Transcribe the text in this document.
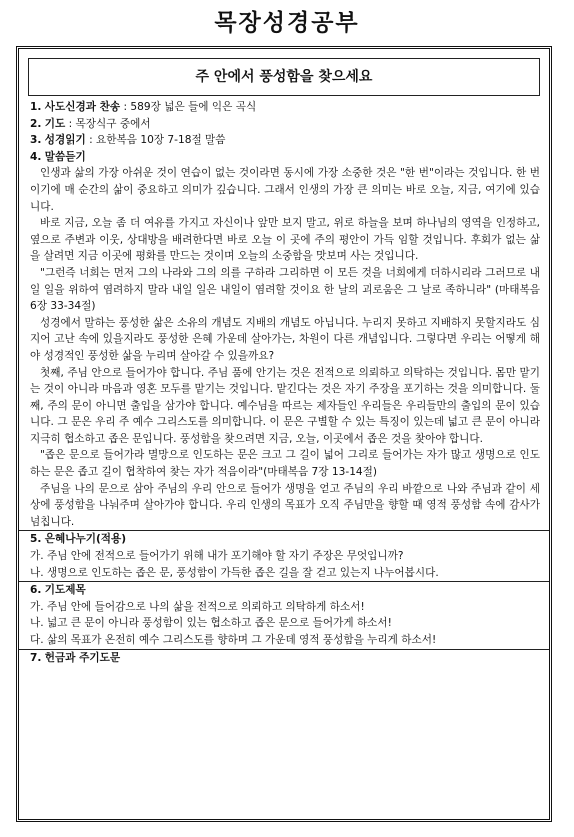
목장성경공부
주 안에서 풍성함을 찾으세요
1. 사도신경과 찬송 : 589장 넓은 들에 익은 곡식
2. 기도 : 목장식구 중에서
3. 성경읽기 : 요한복음 10장 7-18절 말씀
4. 말씀듣기

인생과 삶의 가장 아쉬운 것이 연습이 없는 것이라면 동시에 가장 소중한 것은 "한 번"이라는 것입니다. 한 번 이기에 매 순간의 삶이 중요하고 의미가 깊습니다. 그래서 인생의 가장 큰 의미는 바로 오늘, 지금, 여기에 있습니다.

바로 지금, 오늘 좀 더 여유를 가지고 자신이나 앞만 보지 말고, 위로 하늘을 보며 하나님의 영역을 인정하고, 옆으로 주변과 이웃, 상대방을 배려한다면 바로 오늘 이 곳에 주의 평안이 가득 임할 것입니다. 후회가 없는 삶을 살려면 지금 이곳에 평화를 만드는 것이며 오늘의 소중함을 맛보며 사는 것입니다.

"그런즉 너희는 먼저 그의 나라와 그의 의를 구하라 그리하면 이 모든 것을 너희에게 더하시리라 그러므로 내일 일을 위하여 염려하지 말라 내일 일은 내일이 염려할 것이요 한 날의 괴로움은 그 날로 족하니라" (마태복음 6장 33-34절)

성경에서 말하는 풍성한 삶은 소유의 개념도 지배의 개념도 아닙니다. 누리지 못하고 지배하지 못할지라도 심지어 고난 속에 있을지라도 풍성한 은혜 가운데 살아가는, 차원이 다른 개념입니다. 그렇다면 우리는 어떻게 해야 성경적인 풍성한 삶을 누리며 살아갈 수 있을까요?

첫째, 주님 안으로 들어가야 합니다. 주님 품에 안기는 것은 전적으로 의뢰하고 의탁하는 것입니다. 몸만 맡기는 것이 아니라 마음과 영혼 모두를 맡기는 것입니다. 맡긴다는 것은 자기 주장을 포기하는 것을 의미합니다. 둘째, 주의 문이 아니면 출입을 삼가야 합니다. 예수님을 따르는 제자들인 우리들은 우리들만의 출입의 문이 있습니다. 그 문은 우리 주 예수 그리스도를 의미합니다. 이 문은 구별할 수 있는 특징이 있는데 넓고 큰 문이 아니라 지극히 협소하고 좁은 문입니다. 풍성함을 찾으려면 지금, 오늘, 이곳에서 좁은 것을 찾아야 합니다.

"좁은 문으로 들어가라 멸망으로 인도하는 문은 크고 그 길이 넓어 그리로 들어가는 자가 많고 생명으로 인도하는 문은 좁고 길이 협착하여 찾는 자가 적음이라"(마태복음 7장 13-14절)

주님을 나의 문으로 삼아 주님의 우리 안으로 들어가 생명을 얻고 주님의 우리 바깥으로 나와 주님과 같이 세상에 풍성함을 나눠주며 살아가야 합니다. 우리 인생의 목표가 오직 주님만을 향할 때 영적 풍성함 속에 감사가 넘칩니다.

5. 은혜나누기(적용)
가. 주님 안에 전적으로 들어가기 위해 내가 포기해야 할 자기 주장은 무엇입니까?
나. 생명으로 인도하는 좁은 문, 풍성함이 가득한 좁은 길을 잘 걷고 있는지 나누어봅시다.
6. 기도제목
가. 주님 안에 들어감으로 나의 삶을 전적으로 의뢰하고 의탁하게 하소서!
나. 넓고 큰 문이 아니라 풍성함이 있는 협소하고 좁은 문으로 들어가게 하소서!
다. 삶의 목표가 온전히 예수 그리스도를 향하며 그 가운데 영적 풍성함을 누리게 하소서!
7. 헌금과 주기도문
